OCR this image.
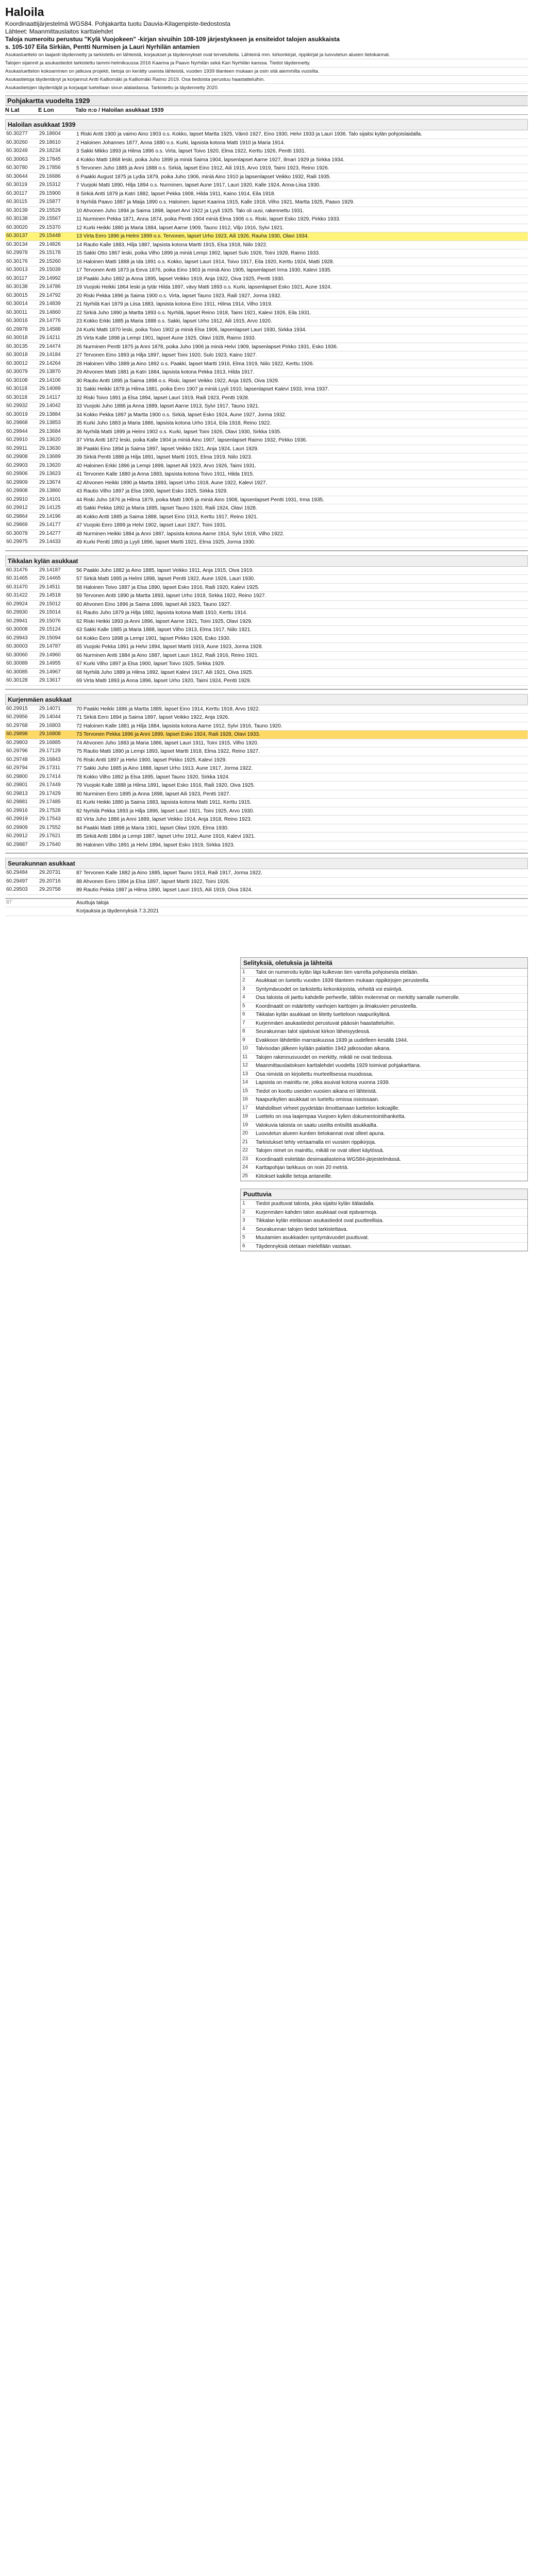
Haloila
Koordinaattijärjestelmä WGS84. Pohjakartta tuotu Dauvia-Kilagenpiste-tiedostosta
Lähteet: Maanmittauslaitos karttalehdet
Taloja numeroitu perustuu "Kylä Vuojokeen" -kirjan sivuihin 108-109 järjestykseen ja ensiteidot talojen asukkaista
s. 105-107 Eila Sirkiän, Pentti Nurmisen ja Lauri Nyrhilän antamien
Asukasluettelo on laajasti täydennetty ja tarkistettu eri lähteistä, korjaukset ja täydennykset ovat tervetulleita. Lähteinä mm. kirkonkirjat, rippikirjat ja luovutetun alueen tietokannat.
Talojen sijainnit ja asukastiedot tarkistettu tammi-helmikuussa 2016 Kaarina ja Paavo Nyrhilän sekä Kari Nyrhilän kanssa. Tiedot täydennetty.
Asukasluettelon kokoaminen on jatkuva projekti, tietoja on kerätty useista lähteistä, vuoden 1939 tilanteen mukaan ja osin sitä aiemmilta vuosilta.
Asukastietoja täydentänyt ja korjannut Antti Kalliomäki ja Kalliomäki Raimo 2019. Osa tiedoista perustuu haastatteluihin.
Asukastietojen täydentäjät ja korjaajat luetellaan sivun alalaidassa. Tarkistettu ja täydennetty 2020.
Pohjakartta vuodelta 1929
N Lat	E Lon	Talo n:o / Haloilan asukkaat 1939
Haloilan asukkaat 1939
60.30277	29.18604	1 Riski Antti 1900 ja vaimo Aino 1903 o.s. Kokko, lapset Martta 1925, Väinö 1927, Eino 1930, Helvi 1933 ja Lauri 1936. Talo sijaitsi kylän pohjoislaidalla.
60.30260	29.18610	2 Haloinen Johannes 1877, Anna 1880 o.s. Kurki, lapsista kotona Matti 1910 ja Maria 1914.
60.30249	29.18234	3 Sakki Mikko 1893 ja Hilma 1896 o.s. Virta, lapset Toivo 1920, Elma 1922, Kerttu 1926, Pentti 1931.
60.30063	29.17845	4 Kokko Matti 1868 leski, poika Juho 1899 ja miniä Saima 1904, lapsenlapset Aarne 1927, Ilmari 1929 ja Sirkka 1934.
60.30780	29.17856	5 Tervonen Juho 1885 ja Anni 1888 o.s. Sirkiä, lapset Eino 1912, Aili 1915, Arvo 1919, Taimi 1923, Reino 1926.
60.30644	29.16686	6 Paakki August 1875 ja Lydia 1879, poika Juho 1906, miniä Aino 1910 ja lapsenlapset Veikko 1932, Raili 1935.
60.30119	29.15312	7 Vuojoki Matti 1890, Hilja 1894 o.s. Nurminen, lapset Aune 1917, Lauri 1920, Kalle 1924, Anna-Liisa 1930.
60.30117	29.15900	8 Sirkiä Antti 1879 ja Katri 1882, lapset Pekka 1908, Hilda 1911, Kaino 1914, Eila 1918.
60.30115	29.15877	9 Nyrhilä Paavo 1887 ja Maija 1890 o.s. Haloinen, lapset Kaarina 1915, Kalle 1918, Vilho 1921, Martta 1925, Paavo 1929.
60.30139	29.15529	10 Ahvonen Juho 1894 ja Saima 1898, lapset Arvi 1922 ja Lyyli 1925. Talo oli uusi, rakennettu 1931.
60.30138	29.15567	11 Nurminen Pekka 1871, Anna 1874, poika Pentti 1904 miniä Elma 1906 o.s. Riski, lapset Esko 1929, Pirkko 1933.
60.30020	29.15370	12 Kurki Heikki 1880 ja Maria 1884, lapset Aarne 1909, Tauno 1912, Viljo 1916, Sylvi 1921.
60.30137	29.15448	13 Virta Eero 1896 ja Helmi 1899 o.s. Tervonen, lapset Urho 1923, Aili 1926, Rauha 1930, Olavi 1934.
60.30134	29.14826	14 Rautio Kalle 1883, Hilja 1887, lapsista kotona Martti 1915, Elsa 1918, Niilo 1922.
60.29978	29.15178	15 Sakki Otto 1867 leski, poika Vilho 1899 ja miniä Lempi 1902, lapset Sulo 1926, Toini 1928, Raimo 1933.
60.30176	29.15260	16 Haloinen Matti 1888 ja Ida 1891 o.s. Kokko, lapset Lauri 1914, Toivo 1917, Eila 1920, Kerttu 1924, Matti 1928.
60.30013	29.15039	17 Tervonen Antti 1873 ja Eeva 1876, poika Eino 1903 ja miniä Aino 1905, lapsenlapset Irma 1930, Kalevi 1935.
60.30117	29.14992	18 Paakki Juho 1892 ja Anna 1895, lapset Veikko 1919, Anja 1922, Oiva 1925, Pentti 1930.
60.30138	29.14786	19 Vuojoki Heikki 1864 leski ja tytär Hilda 1897, vävy Matti 1893 o.s. Kurki, lapsenlapset Esko 1921, Aune 1924.
60.30015	29.14792	20 Riski Pekka 1896 ja Saima 1900 o.s. Virta, lapset Tauno 1923, Raili 1927, Jorma 1932.
60.30014	29.14839	21 Nyrhilä Kari 1879 ja Liisa 1883, lapsista kotona Eino 1911, Hilma 1914, Vilho 1919.
60.30011	29.14860	22 Sirkiä Juho 1890 ja Martta 1893 o.s. Nyrhilä, lapset Reino 1918, Taimi 1921, Kalevi 1926, Eila 1931.
60.30016	29.14776	23 Kokko Erkki 1885 ja Maria 1888 o.s. Sakki, lapset Urho 1912, Aili 1915, Arvo 1920.
60.29978	29.14588	24 Kurki Matti 1870 leski, poika Toivo 1902 ja miniä Elsa 1906, lapsenlapset Lauri 1930, Sirkka 1934.
60.30018	29.14211	25 Virta Kalle 1898 ja Lempi 1901, lapset Aune 1925, Olavi 1928, Raimo 1933.
60.30135	29.14474	26 Nurminen Pentti 1875 ja Anni 1878, poika Juho 1906 ja miniä Helvi 1909, lapsenlapset Pirkko 1931, Esko 1936.
60.30018	29.14184	27 Tervonen Eino 1893 ja Hilja 1897, lapset Toini 1920, Sulo 1923, Kaino 1927.
60.30012	29.14264	28 Haloinen Vilho 1889 ja Aino 1892 o.s. Paakki, lapset Martti 1916, Elma 1919, Niilo 1922, Kerttu 1926.
60.30079	29.13870	29 Ahvonen Matti 1881 ja Katri 1884, lapsista kotona Pekka 1913, Hilda 1917.
60.30108	29.14106	30 Rautio Antti 1895 ja Saima 1898 o.s. Riski, lapset Veikko 1922, Anja 1925, Oiva 1929.
60.30118	29.14089	31 Sakki Heikki 1878 ja Hilma 1881, poika Eero 1907 ja miniä Lyyli 1910, lapsenlapset Kalevi 1933, Irma 1937.
60.30118	29.14117	32 Riski Toivo 1891 ja Elsa 1894, lapset Lauri 1919, Raili 1923, Pentti 1928.
60.29932	29.14042	33 Vuojoki Juho 1886 ja Anna 1889, lapset Aarne 1913, Sylvi 1917, Tauno 1921.
60.30019	29.13884	34 Kokko Pekka 1897 ja Martta 1900 o.s. Sirkiä, lapset Esko 1924, Aune 1927, Jorma 1932.
60.29868	29.13853	35 Kurki Juho 1883 ja Maria 1886, lapsista kotona Urho 1914, Eila 1918, Reino 1922.
60.29944	29.13684	36 Nyrhilä Matti 1899 ja Helmi 1902 o.s. Kurki, lapset Toini 1926, Olavi 1930, Sirkka 1935.
60.29910	29.13620	37 Virta Antti 1872 leski, poika Kalle 1904 ja miniä Aino 1907, lapsenlapset Raimo 1932, Pirkko 1936.
60.29911	29.13630	38 Paakki Eino 1894 ja Saima 1897, lapset Veikko 1921, Anja 1924, Lauri 1929.
60.29908	29.13689	39 Sirkiä Pentti 1888 ja Hilja 1891, lapset Martti 1915, Elma 1919, Niilo 1923.
60.29903	29.13620	40 Haloinen Erkki 1896 ja Lempi 1899, lapset Aili 1923, Arvo 1926, Taimi 1931.
60.29906	29.13623	41 Tervonen Kalle 1880 ja Anna 1883, lapsista kotona Toivo 1911, Hilda 1915.
60.29909	29.13674	42 Ahvonen Heikki 1890 ja Martta 1893, lapset Urho 1918, Aune 1922, Kalevi 1927.
60.29908	29.13860	43 Rautio Vilho 1897 ja Elsa 1900, lapset Esko 1925, Sirkka 1929.
60.29910	29.14101	44 Riski Juho 1876 ja Hilma 1879, poika Matti 1905 ja miniä Aino 1908, lapsenlapset Pentti 1931, Irma 1935.
60.29912	29.14125	45 Sakki Pekka 1892 ja Maria 1895, lapset Tauno 1920, Raili 1924, Olavi 1928.
60.29864	29.14196	46 Kokko Antti 1885 ja Saima 1888, lapset Eino 1913, Kerttu 1917, Reino 1921.
60.29869	29.14177	47 Vuojoki Eero 1899 ja Helvi 1902, lapset Lauri 1927, Toini 1931.
60.30078	29.14277	48 Nurminen Heikki 1884 ja Anni 1887, lapsista kotona Aarne 1914, Sylvi 1918, Vilho 1922.
60.29975	29.14433	49 Kurki Pentti 1893 ja Lyyli 1896, lapset Martti 1921, Elma 1925, Jorma 1930.
Tikkalan kylän asukkaat
60.31476	29.14187	56 Paakki Juho 1882 ja Aino 1885, lapset Veikko 1911, Anja 1915, Oiva 1919.
60.31465	29.14465	57 Sirkiä Matti 1895 ja Helmi 1898, lapset Pentti 1922, Aune 1926, Lauri 1930.
60.31470	29.14511	58 Haloinen Toivo 1887 ja Elsa 1890, lapset Esko 1916, Raili 1920, Kalevi 1925.
60.31422	29.14518	59 Tervonen Antti 1890 ja Martta 1893, lapset Urho 1918, Sirkka 1922, Reino 1927.
60.29924	29.15012	60 Ahvonen Eino 1896 ja Saima 1899, lapset Aili 1923, Tauno 1927.
60.29930	29.15014	61 Rautio Juho 1879 ja Hilja 1882, lapsista kotona Matti 1910, Kerttu 1914.
60.29941	29.15076	62 Riski Heikki 1893 ja Anni 1896, lapset Aarne 1921, Toini 1925, Olavi 1929.
60.30008	29.15124	63 Sakki Kalle 1885 ja Maria 1888, lapset Vilho 1913, Elma 1917, Niilo 1921.
60.29943	29.15094	64 Kokko Eero 1898 ja Lempi 1901, lapset Pirkko 1926, Esko 1930.
60.30003	29.14787	65 Vuojoki Pekka 1891 ja Helvi 1894, lapset Martti 1919, Aune 1923, Jorma 1928.
60.30060	29.14960	66 Nurminen Antti 1884 ja Aino 1887, lapset Lauri 1912, Raili 1916, Reino 1921.
60.30089	29.14955	67 Kurki Vilho 1897 ja Elsa 1900, lapset Toivo 1925, Sirkka 1929.
60.30085	29.14967	68 Nyrhilä Juho 1889 ja Hilma 1892, lapset Kalevi 1917, Aili 1921, Oiva 1925.
60.30128	29.13617	69 Virta Matti 1893 ja Anna 1896, lapset Urho 1920, Taimi 1924, Pentti 1929.
Kurjenmäen asukkaat
60.29915	29.14071	70 Paakki Heikki 1886 ja Martta 1889, lapset Eino 1914, Kerttu 1918, Arvo 1922.
60.29956	29.14044	71 Sirkiä Eero 1894 ja Saima 1897, lapset Veikko 1922, Anja 1926.
60.29768	29.16803	72 Haloinen Kalle 1881 ja Hilja 1884, lapsista kotona Aarne 1912, Sylvi 1916, Tauno 1920.
60.29898	29.16808	73 Tervonen Pekka 1896 ja Anni 1899, lapset Esko 1924, Raili 1928, Olavi 1933.
60.29803	29.16885	74 Ahvonen Juho 1883 ja Maria 1886, lapset Lauri 1911, Toini 1915, Vilho 1920.
60.29796	29.17129	75 Rautio Matti 1890 ja Lempi 1893, lapset Martti 1918, Elma 1922, Reino 1927.
60.29748	29.16843	76 Riski Antti 1897 ja Helvi 1900, lapset Pirkko 1925, Kalevi 1929.
60.29794	29.17311	77 Sakki Juho 1885 ja Aino 1888, lapset Urho 1913, Aune 1917, Jorma 1922.
60.29800	29.17414	78 Kokko Vilho 1892 ja Elsa 1895, lapset Tauno 1920, Sirkka 1924.
60.29801	29.17449	79 Vuojoki Kalle 1888 ja Hilma 1891, lapset Esko 1916, Raili 1920, Oiva 1925.
60.29813	29.17429	80 Nurminen Eero 1895 ja Anna 1898, lapset Aili 1923, Pentti 1927.
60.29881	29.17485	81 Kurki Heikki 1880 ja Saima 1883, lapsista kotona Matti 1911, Kerttu 1915.
60.29916	29.17528	82 Nyrhilä Pekka 1893 ja Hilja 1896, lapset Lauri 1921, Toini 1925, Arvo 1930.
60.29919	29.17543	83 Virta Juho 1886 ja Anni 1889, lapset Veikko 1914, Anja 1918, Reino 1923.
60.29909	29.17552	84 Paakki Matti 1898 ja Maria 1901, lapset Olavi 1926, Elma 1930.
60.29912	29.17621	85 Sirkiä Antti 1884 ja Lempi 1887, lapset Urho 1912, Aune 1916, Kalevi 1921.
60.29887	29.17640	86 Haloinen Vilho 1891 ja Helvi 1894, lapset Esko 1919, Sirkka 1923.
Seurakunnan asukkaat
60.29484	29.20731	87 Tervonen Kalle 1882 ja Aino 1885, lapset Tauno 1913, Raili 1917, Jorma 1922.
60.29497	29.20716	88 Ahvonen Eero 1894 ja Elsa 1897, lapset Martti 1922, Toini 1926.
60.29503	29.20758	89 Rautio Pekka 1887 ja Hilma 1890, lapset Lauri 1915, Aili 1919, Oiva 1924.
87	Asuttuja taloja
Korjauksia ja täydennyksiä 7.3.2021
Selityksiä, oletuksia ja lähteitä
1	Talot on numeroitu kylän läpi kulkevan tien varrelta pohjoisesta etelään.
2	Asukkaat on lueteltu vuoden 1939 tilanteen mukaan rippikirjojen perusteella.
3	Syntymävuodet on tarkistettu kirkonkirjoista, virheitä voi esiintyä.
4	Osa taloista oli jaettu kahdelle perheelle, tällöin molemmat on merkitty samalle numerolle.
5	Koordinaatit on määritetty vanhojen karttojen ja ilmakuvien perusteella.
6	Tikkalan kylän asukkaat on liitetty luetteloon naapurikylänä.
7	Kurjenmäen asukastiedot perustuvat pääosin haastatteluihin.
8	Seurakunnan talot sijaitsivat kirkon läheisyydessä.
9	Evakkoon lähdettiin marraskuussa 1939 ja uudelleen kesällä 1944.
10	Talvisodan jälkeen kylään palattiin 1942 jatkosodan aikana.
11	Talojen rakennusvuodet on merkitty, mikäli ne ovat tiedossa.
12	Maanmittauslaitoksen karttalehdet vuodelta 1929 toimivat pohjakarttana.
13	Osa nimistä on kirjoitettu murteellisessa muodossa.
14	Lapsista on mainittu ne, jotka asuivat kotona vuonna 1939.
15	Tiedot on koottu useiden vuosien aikana eri lähteistä.
16	Naapurikylien asukkaat on lueteltu omissa osioissaan.
17	Mahdolliset virheet pyydetään ilmoittamaan luettelon kokoajille.
18	Luettelo on osa laajempaa Vuojoen kylien dokumentointihanketta.
19	Valokuvia taloista on saatu useilta entisiltä asukkailta.
20	Luovutetun alueen kuntien tietokannat ovat olleet apuna.
21	Tarkistukset tehty vertaamalla eri vuosien rippikirjoja.
22	Talojen nimet on mainittu, mikäli ne ovat olleet käytössä.
23	Koordinaatit esitetään desimaaliasteina WGS84-järjestelmässä.
24	Karttapohjan tarkkuus on noin 20 metriä.
25	Kiitokset kaikille tietoja antaneille.
Puuttuvia
1	Tiedot puuttuvat talosta, joka sijaitsi kylän itälaidalla.
2	Kurjenmäen kahden talon asukkaat ovat epävarmoja.
3	Tikkalan kylän eteläosan asukastiedot ovat puutteellisia.
4	Seurakunnan talojen tiedot tarkistettava.
5	Muutamien asukkaiden syntymävuodet puuttuvat.
6	Täydennyksiä otetaan mielellään vastaan.
